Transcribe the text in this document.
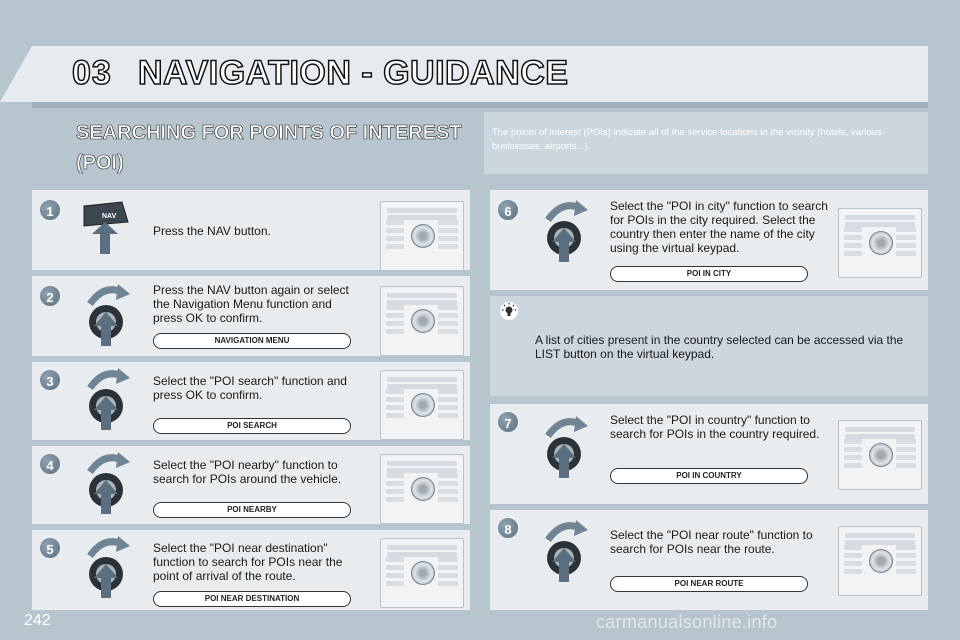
03 NAVIGATION - GUIDANCE
SEARCHING FOR POINTS OF INTEREST (POI)
The points of interest (POIs) indicate all of the service locations in the vicinity (hotels, various businesses, airports...).
1	NAV
Press the NAV button.
2	Press the NAV button again or select the Navigation Menu function and press OK to confirm.
NAVIGATION MENU
3	Select the "POI search" function and press OK to confirm.
POI SEARCH
4	Select the "POI nearby" function to search for POIs around the vehicle.
POI NEARBY
5	Select the "POI near destination" function to search for POIs near the point of arrival of the route.
POI NEAR DESTINATION
6	Select the "POI in city" function to search for POIs in the city required. Select the country then enter the name of the city using the virtual keypad.
POI IN CITY
A list of cities present in the country selected can be accessed via the LIST button on the virtual keypad.
7	Select the "POI in country" function to search for POIs in the country required.
POI IN COUNTRY
8	Select the "POI near route" function to search for POIs near the route.
POI NEAR ROUTE
242	carmanualsonline.info
